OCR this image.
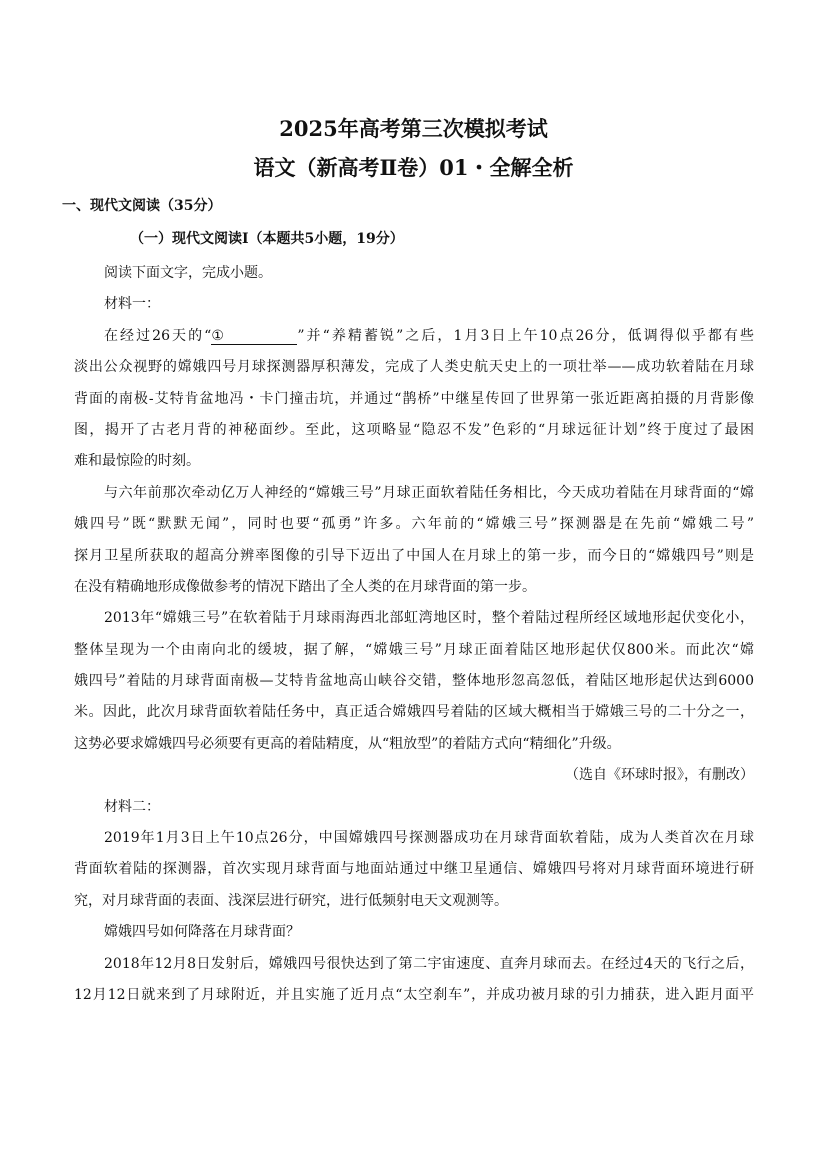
2025年高考第三次模拟考试
语文（新高考Ⅱ卷）01・全解全析
一、现代文阅读（35分）
（一）现代文阅读Ⅰ（本题共5小题，19分）
阅读下面文字，完成小题。
材料一：
在经过26天的“①	”并“养精蓄锐”之后，1月3日上午10点26分，低调得似乎都有些
淡出公众视野的嫦娥四号月球探测器厚积薄发，完成了人类史航天史上的一项壮举——成功软着陆在月球
背面的南极-艾特肯盆地冯・卡门撞击坑，并通过“鹊桥”中继星传回了世界第一张近距离拍摄的月背影像
图，揭开了古老月背的神秘面纱。至此，这项略显“隐忍不发”色彩的“月球远征计划”终于度过了最困
难和最惊险的时刻。
与六年前那次牵动亿万人神经的“嫦娥三号”月球正面软着陆任务相比，今天成功着陆在月球背面的“嫦
娥四号”既“默默无闻”，同时也要“孤勇”许多。六年前的“嫦娥三号”探测器是在先前“嫦娥二号”
探月卫星所获取的超高分辨率图像的引导下迈出了中国人在月球上的第一步，而今日的“嫦娥四号”则是
在没有精确地形成像做参考的情况下踏出了全人类的在月球背面的第一步。
2013年“嫦娥三号”在软着陆于月球雨海西北部虹湾地区时，整个着陆过程所经区域地形起伏变化小，
整体呈现为一个由南向北的缓坡，据了解，“嫦娥三号”月球正面着陆区地形起伏仅800米。而此次“嫦
娥四号”着陆的月球背面南极—艾特肯盆地高山峡谷交错，整体地形忽高忽低，着陆区地形起伏达到6000
米。因此，此次月球背面软着陆任务中，真正适合嫦娥四号着陆的区域大概相当于嫦娥三号的二十分之一，
这势必要求嫦娥四号必须要有更高的着陆精度，从“粗放型”的着陆方式向“精细化”升级。
（选自《环球时报》，有删改）
材料二：
2019年1月3日上午10点26分，中国嫦娥四号探测器成功在月球背面软着陆，成为人类首次在月球
背面软着陆的探测器，首次实现月球背面与地面站通过中继卫星通信、嫦娥四号将对月球背面环境进行研
究，对月球背面的表面、浅深层进行研究，进行低频射电天文观测等。
嫦娥四号如何降落在月球背面？
2018年12月8日发射后，嫦娥四号很快达到了第二宇宙速度、直奔月球而去。在经过4天的飞行之后，
12月12日就来到了月球附近，并且实施了近月点“太空刹车”，并成功被月球的引力捕获，进入距月面平
